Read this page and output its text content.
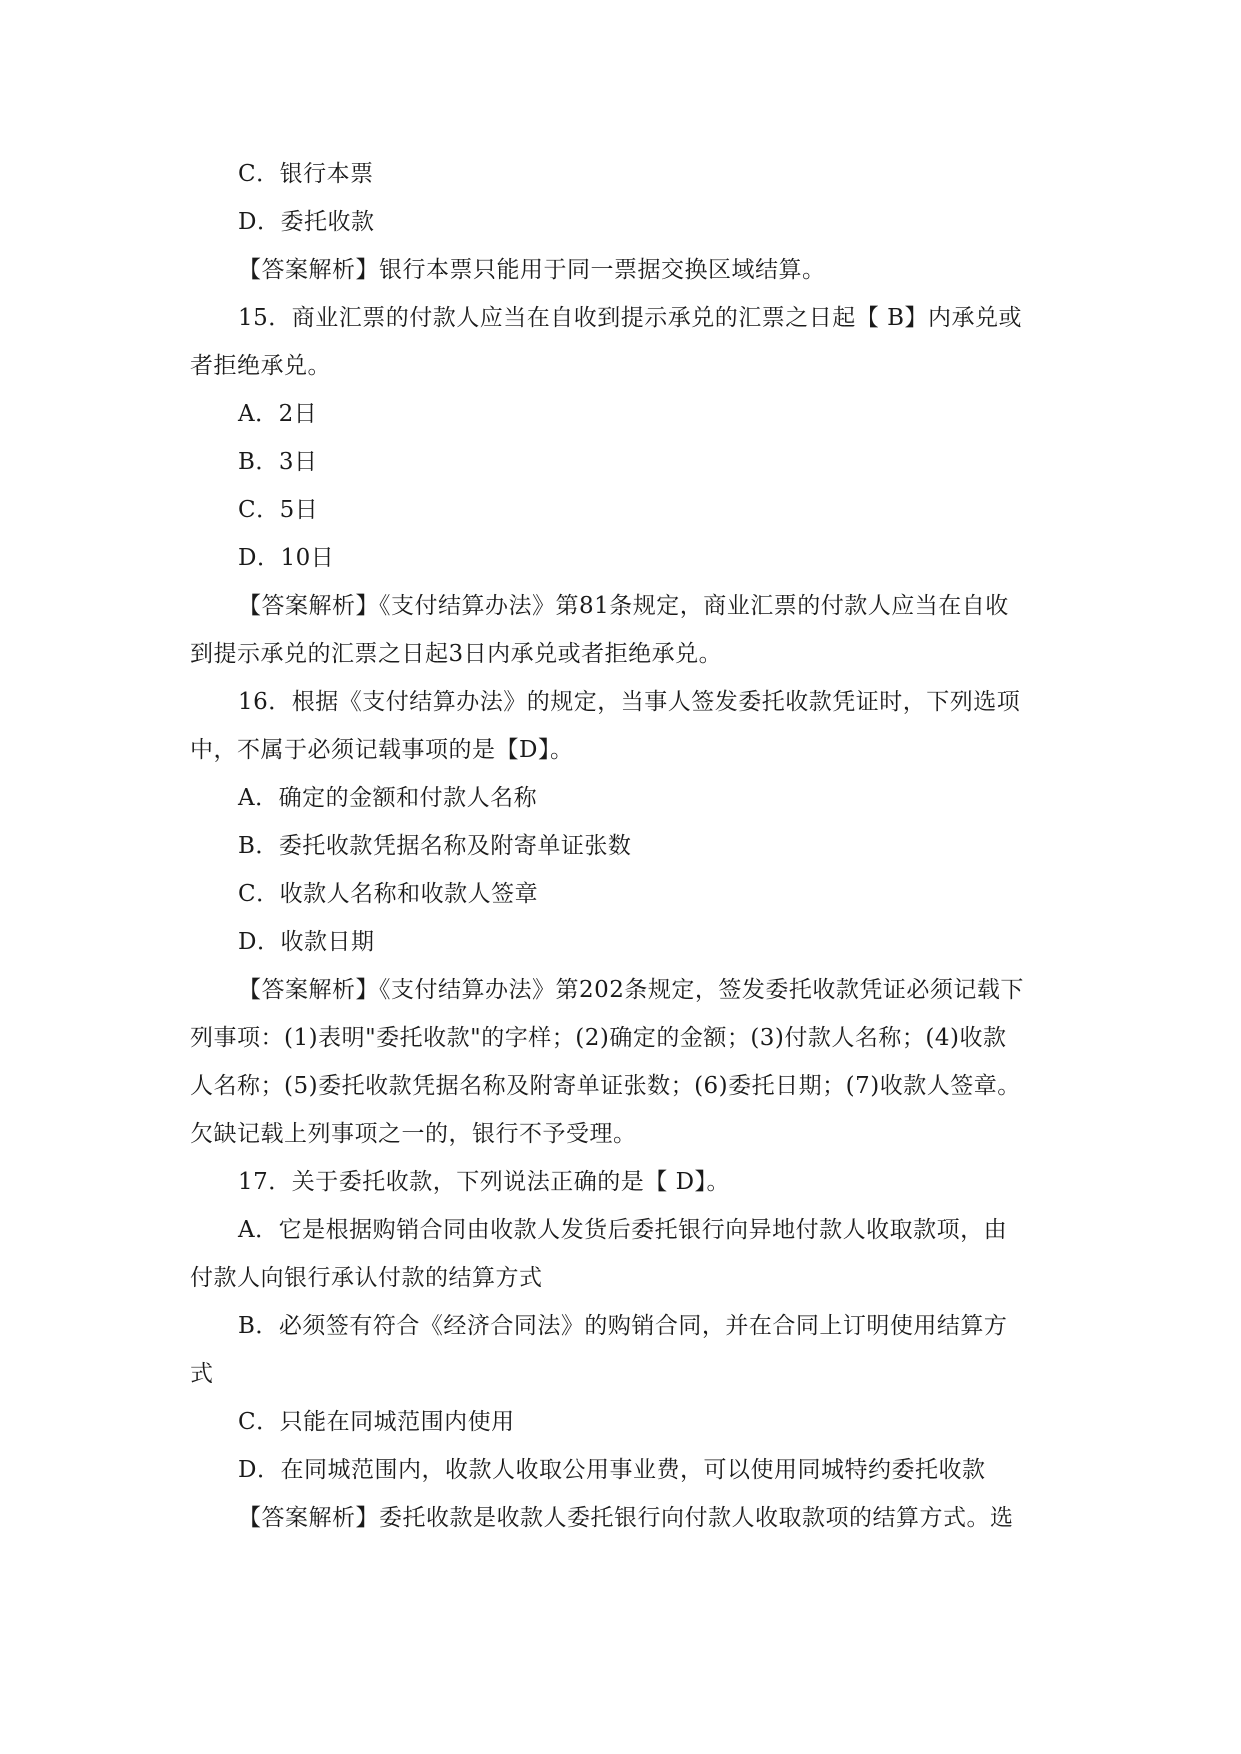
C．银行本票
D．委托收款
【答案解析】银行本票只能用于同一票据交换区域结算。
15．商业汇票的付款人应当在自收到提示承兑的汇票之日起【 B】内承兑或
者拒绝承兑。
A．2日
B．3日
C．5日
D．10日
【答案解析】《支付结算办法》第81条规定，商业汇票的付款人应当在自收
到提示承兑的汇票之日起3日内承兑或者拒绝承兑。
16．根据《支付结算办法》的规定，当事人签发委托收款凭证时，下列选项
中，不属于必须记载事项的是【D】。
A．确定的金额和付款人名称
B．委托收款凭据名称及附寄单证张数
C．收款人名称和收款人签章
D．收款日期
【答案解析】《支付结算办法》第202条规定，签发委托收款凭证必须记载下
列事项：(1)表明"委托收款"的字样；(2)确定的金额；(3)付款人名称；(4)收款
人名称；(5)委托收款凭据名称及附寄单证张数；(6)委托日期；(7)收款人签章。
欠缺记载上列事项之一的，银行不予受理。
17．关于委托收款，下列说法正确的是【 D】。
A．它是根据购销合同由收款人发货后委托银行向异地付款人收取款项，由
付款人向银行承认付款的结算方式
B．必须签有符合《经济合同法》的购销合同，并在合同上订明使用结算方
式
C．只能在同城范围内使用
D．在同城范围内，收款人收取公用事业费，可以使用同城特约委托收款
【答案解析】委托收款是收款人委托银行向付款人收取款项的结算方式。选
